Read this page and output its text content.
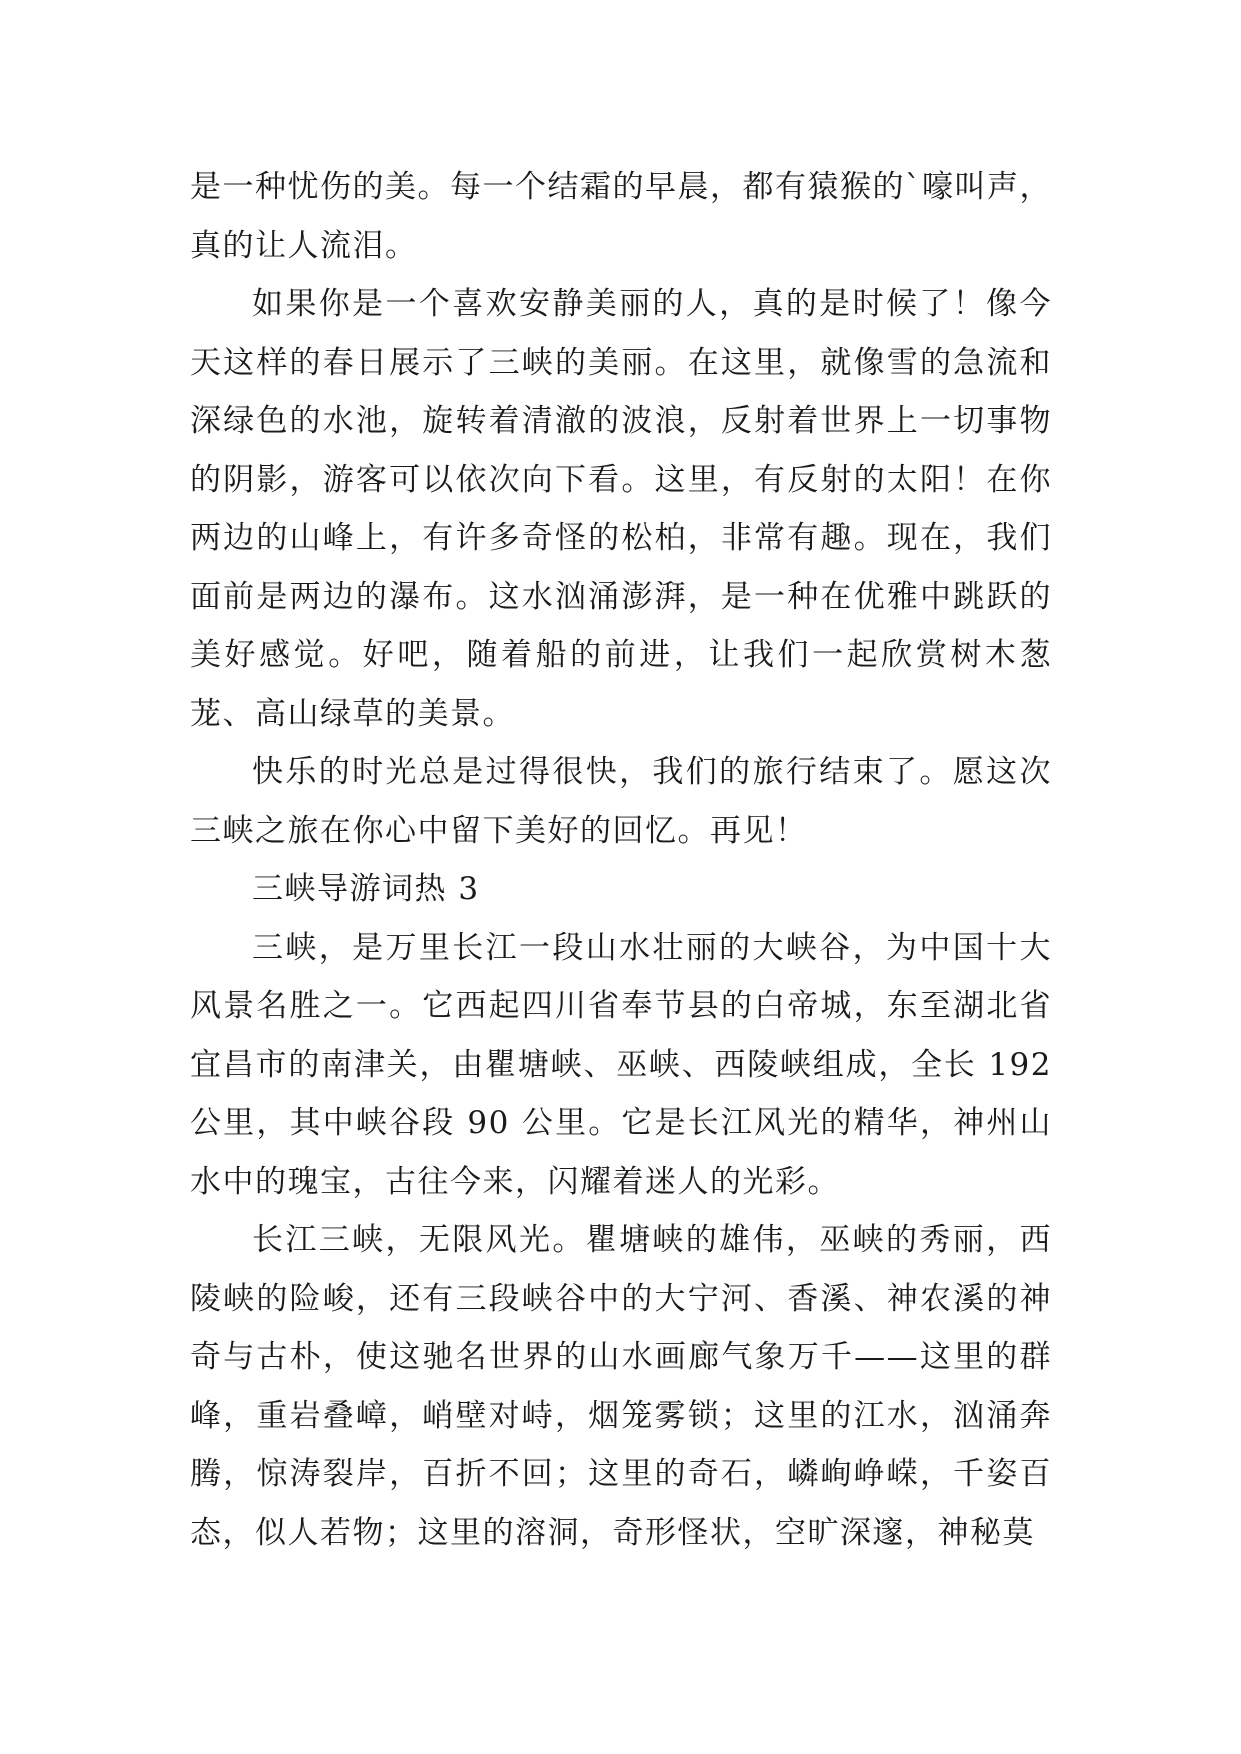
是一种忧伤的美。每一个结霜的早晨，都有猿猴的`嚎叫声，真的让人流泪。

如果你是一个喜欢安静美丽的人，真的是时候了！像今天这样的春日展示了三峡的美丽。在这里，就像雪的急流和深绿色的水池，旋转着清澈的波浪，反射着世界上一切事物的阴影，游客可以依次向下看。这里，有反射的太阳！在你两边的山峰上，有许多奇怪的松柏，非常有趣。现在，我们面前是两边的瀑布。这水汹涌澎湃，是一种在优雅中跳跃的美好感觉。好吧，随着船的前进，让我们一起欣赏树木葱茏、高山绿草的美景。

快乐的时光总是过得很快，我们的旅行结束了。愿这次三峡之旅在你心中留下美好的回忆。再见！

三峡导游词热 3

三峡，是万里长江一段山水壮丽的大峡谷，为中国十大风景名胜之一。它西起四川省奉节县的白帝城，东至湖北省宜昌市的南津关，由瞿塘峡、巫峡、西陵峡组成，全长 192 公里，其中峡谷段 90 公里。它是长江风光的精华，神州山水中的瑰宝，古往今来，闪耀着迷人的光彩。

长江三峡，无限风光。瞿塘峡的雄伟，巫峡的秀丽，西陵峡的险峻，还有三段峡谷中的大宁河、香溪、神农溪的神奇与古朴，使这驰名世界的山水画廊气象万千——这里的群峰，重岩叠嶂，峭壁对峙，烟笼雾锁；这里的江水，汹涌奔腾，惊涛裂岸，百折不回；这里的奇石，嶙峋峥嵘，千姿百态，似人若物；这里的溶洞，奇形怪状，空旷深邃，神秘莫
